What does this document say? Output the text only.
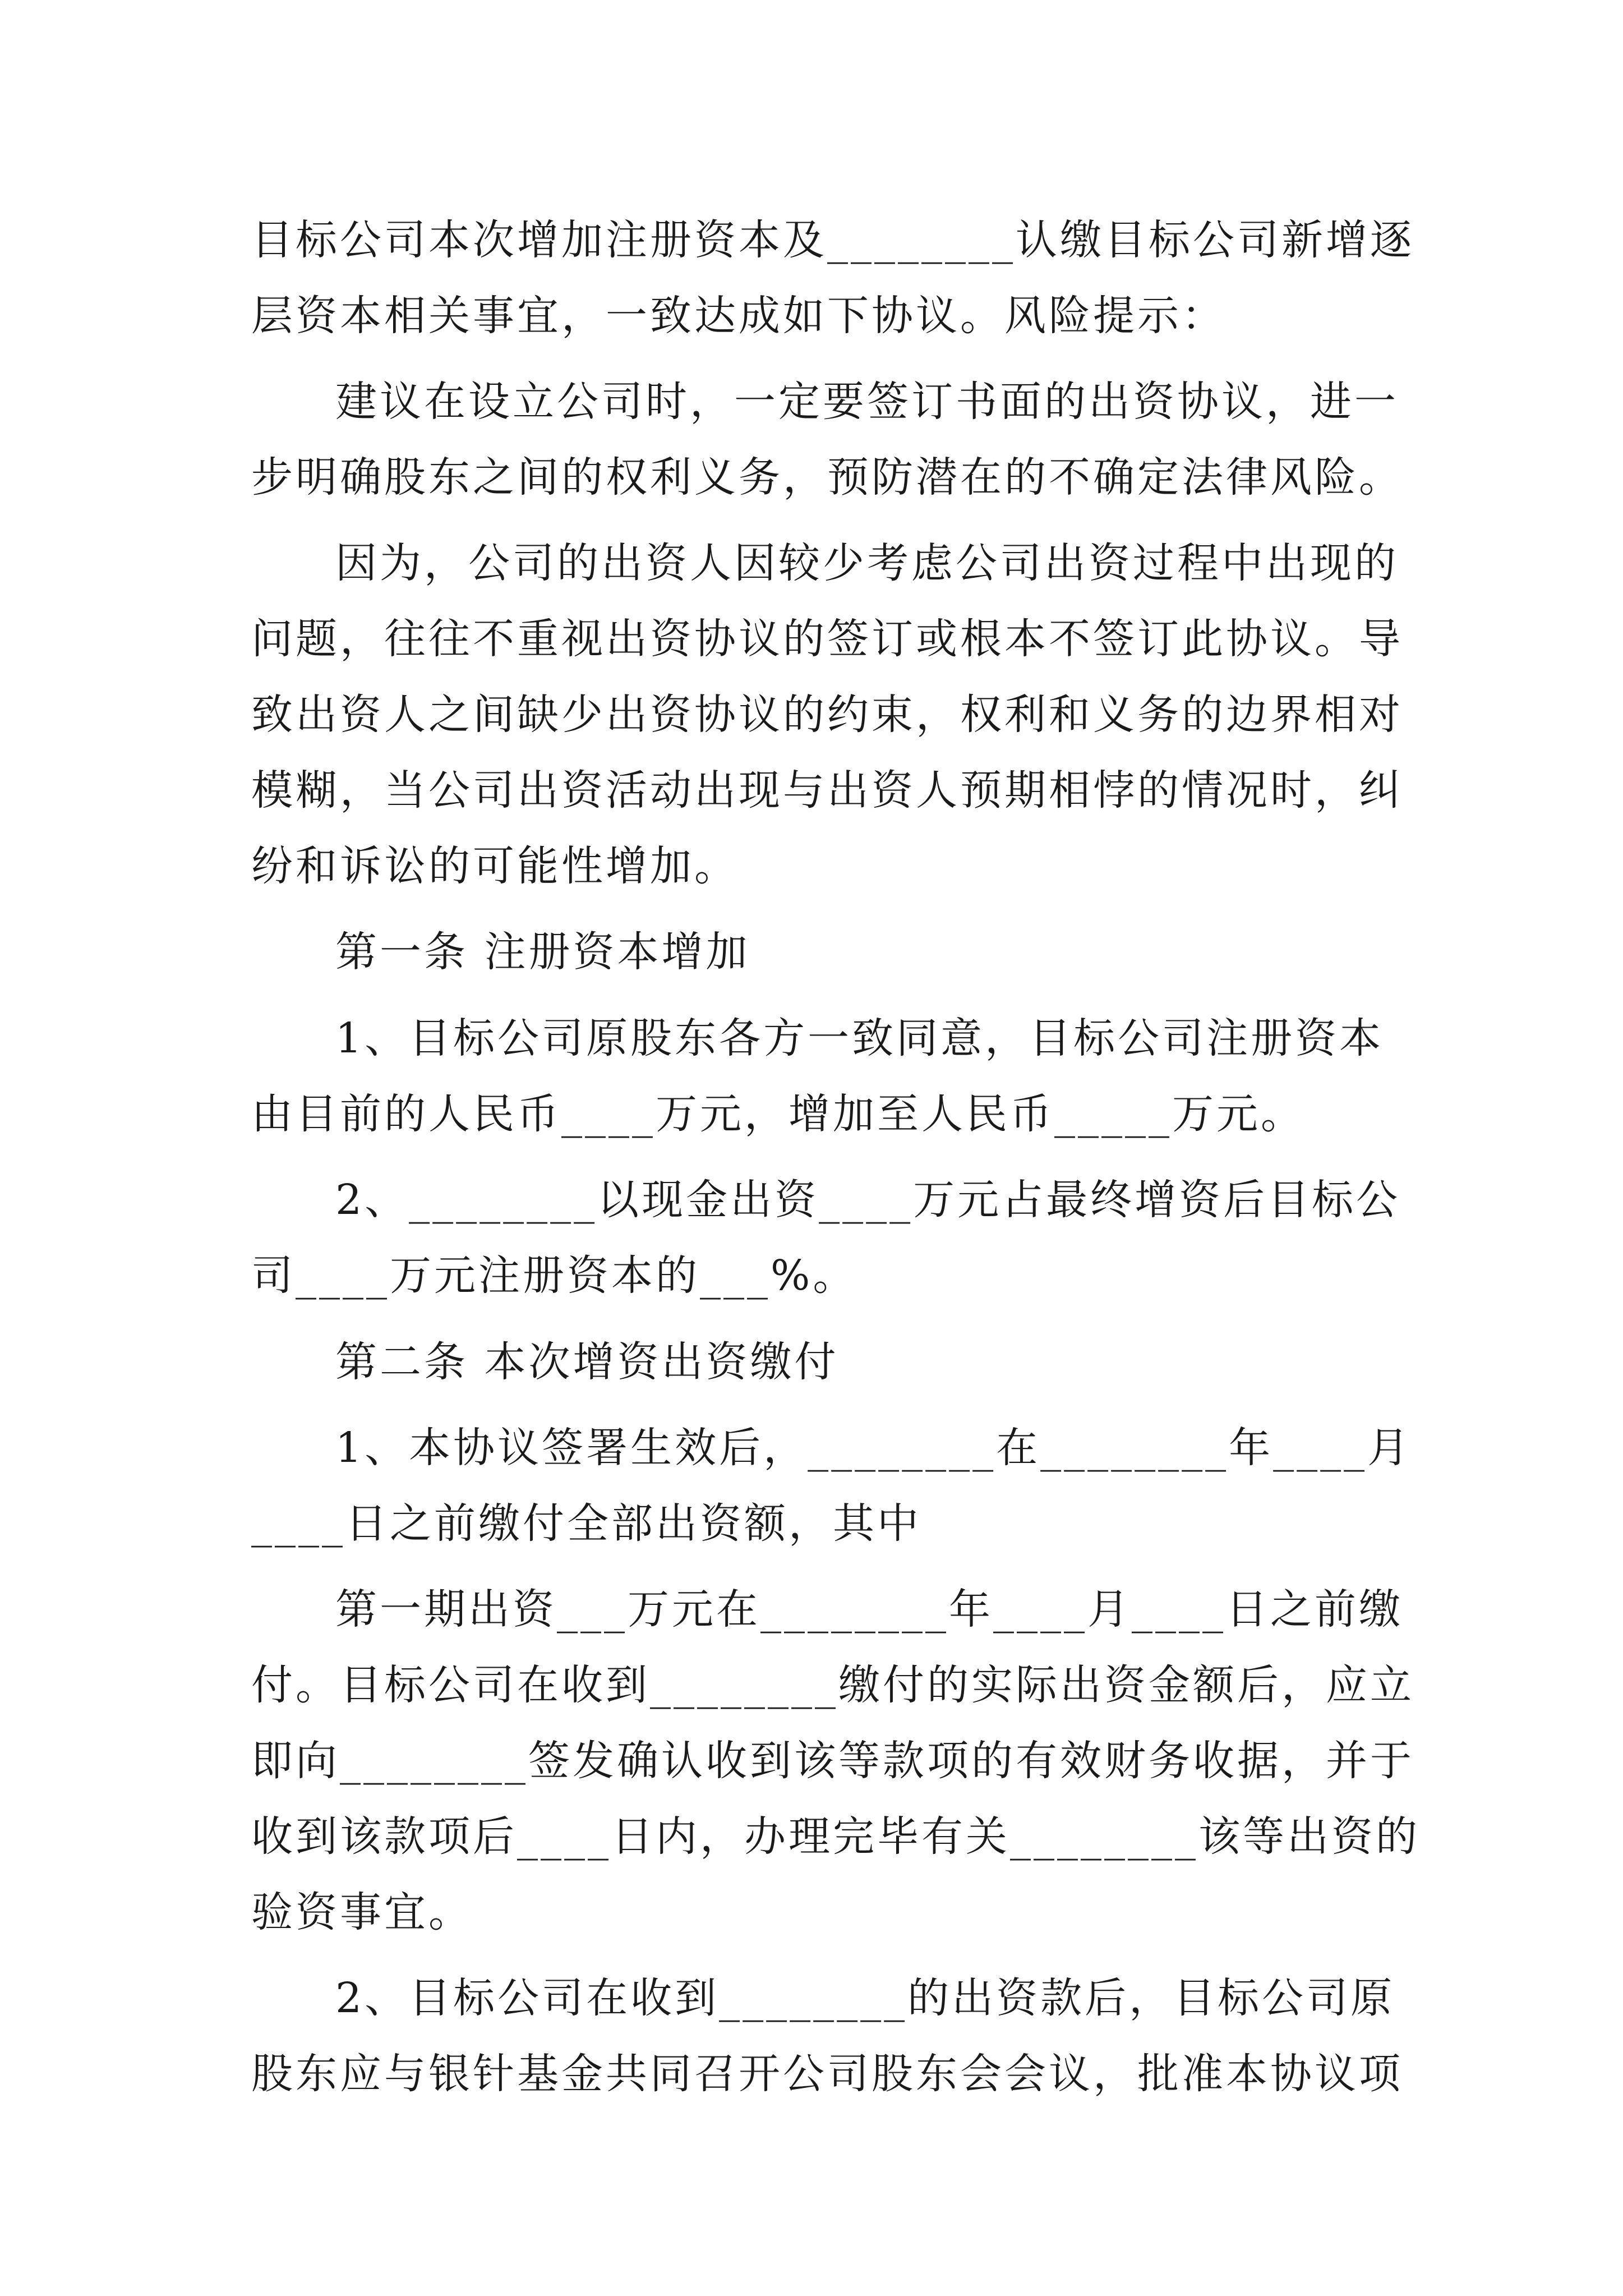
目标公司本次增加注册资本及________认缴目标公司新增逐
层资本相关事宜，一致达成如下协议。风险提示：
建议在设立公司时，一定要签订书面的出资协议，进一
步明确股东之间的权利义务，预防潜在的不确定法律风险。
因为，公司的出资人因较少考虑公司出资过程中出现的
问题，往往不重视出资协议的签订或根本不签订此协议。导
致出资人之间缺少出资协议的约束，权利和义务的边界相对
模糊，当公司出资活动出现与出资人预期相悖的情况时，纠
纷和诉讼的可能性增加。
第一条 注册资本增加
1、目标公司原股东各方一致同意，目标公司注册资本
由目前的人民币____万元，增加至人民币_____万元。
2、________以现金出资____万元占最终增资后目标公
司____万元注册资本的___%。
第二条 本次增资出资缴付
1、本协议签署生效后，________在________年____月
____日之前缴付全部出资额，其中
第一期出资___万元在________年____月____日之前缴
付。目标公司在收到________缴付的实际出资金额后，应立
即向________签发确认收到该等款项的有效财务收据，并于
收到该款项后____日内，办理完毕有关________该等出资的
验资事宜。
2、目标公司在收到________的出资款后，目标公司原
股东应与银针基金共同召开公司股东会会议，批准本协议项
